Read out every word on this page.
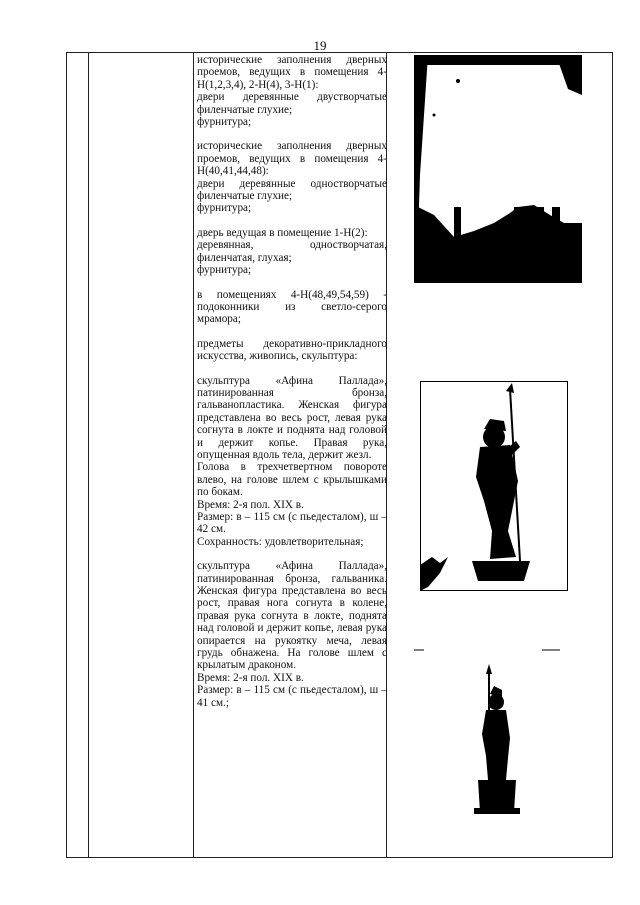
19

исторические заполнения дверных проемов, ведущих в помещения 4-Н(1,2,3,4), 2-Н(4), 3-Н(1):
двери деревянные двустворчатые филенчатые глухие;
фурнитура;

исторические заполнения дверных проемов, ведущих в помещения 4-Н(40,41,44,48):
двери деревянные одностворчатые филенчатые глухие;
фурнитура;

дверь ведущая в помещение 1-Н(2):
деревянная, одностворчатая, филенчатая, глухая;
фурнитура;

в помещениях 4-Н(48,49,54,59) - подоконники из светло-серого мрамора;

предметы декоративно-прикладного искусства, живопись, скульптура:

скульптура «Афина Паллада», патинированная бронза, гальванопластика. Женская фигура представлена во весь рост, левая рука согнута в локте и поднята над головой и держит копье. Правая рука, опущенная вдоль тела, держит жезл.
Голова в трехчетвертном повороте влево, на голове шлем с крылышками по бокам.
Время: 2-я пол. XIX в.
Размер: в – 115 см (с пьедесталом), ш – 42 см.
Сохранность: удовлетворительная;

скульптура «Афина Паллада», патинированная бронза, гальваника. Женская фигура представлена во весь рост, правая нога согнута в колене, правая рука согнута в локте, поднята над головой и держит копье, левая рука опирается на рукоятку меча, левая грудь обнажена. На голове шлем с крылатым драконом.
Время: 2-я пол. XIX в.
Размер: в – 115 см (с пьедесталом), ш – 41 см.;
